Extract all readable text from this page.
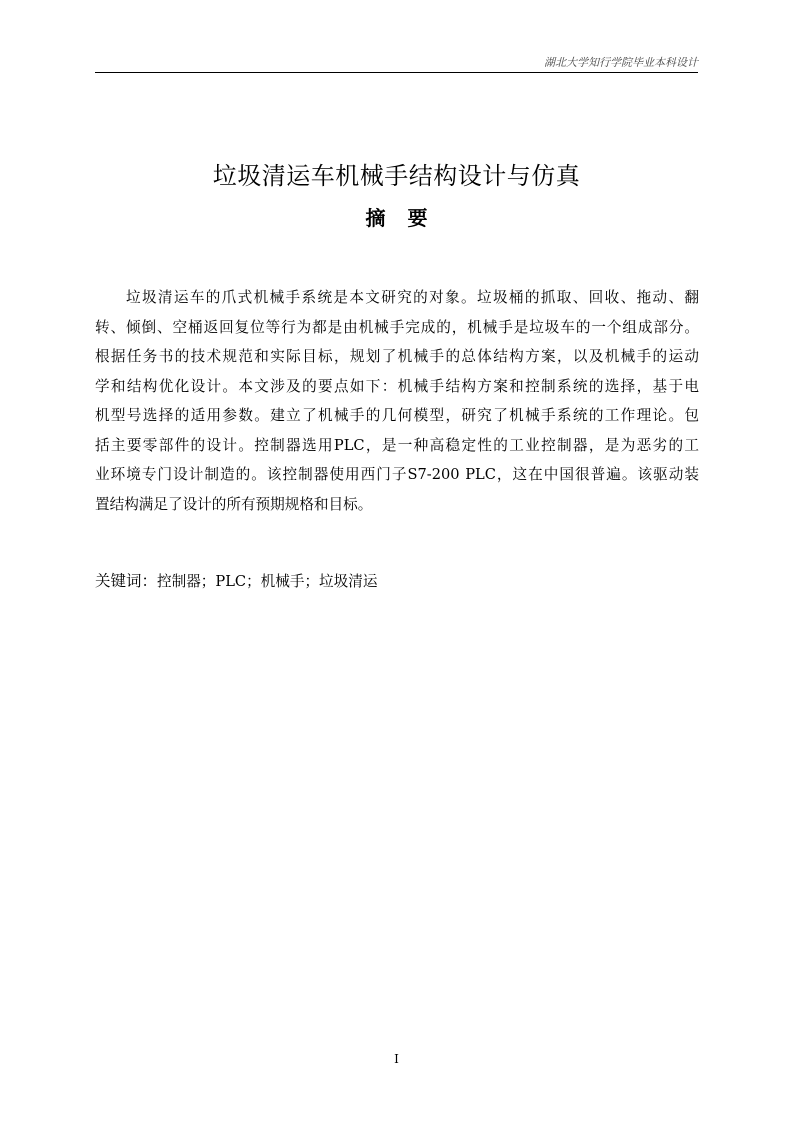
湖北大学知行学院毕业本科设计
垃圾清运车机械手结构设计与仿真
摘 要
垃圾清运车的爪式机械手系统是本文研究的对象。垃圾桶的抓取、回收、拖动、翻
转、倾倒、空桶返回复位等行为都是由机械手完成的，机械手是垃圾车的一个组成部分。
根据任务书的技术规范和实际目标，规划了机械手的总体结构方案，以及机械手的运动
学和结构优化设计。本文涉及的要点如下：机械手结构方案和控制系统的选择，基于电
机型号选择的适用参数。建立了机械手的几何模型，研究了机械手系统的工作理论。包
括主要零部件的设计。控制器选用PLC，是一种高稳定性的工业控制器，是为恶劣的工
业环境专门设计制造的。该控制器使用西门子S7-200 PLC，这在中国很普遍。该驱动装
置结构满足了设计的所有预期规格和目标。
关键词：控制器；PLC；机械手；垃圾清运
I
